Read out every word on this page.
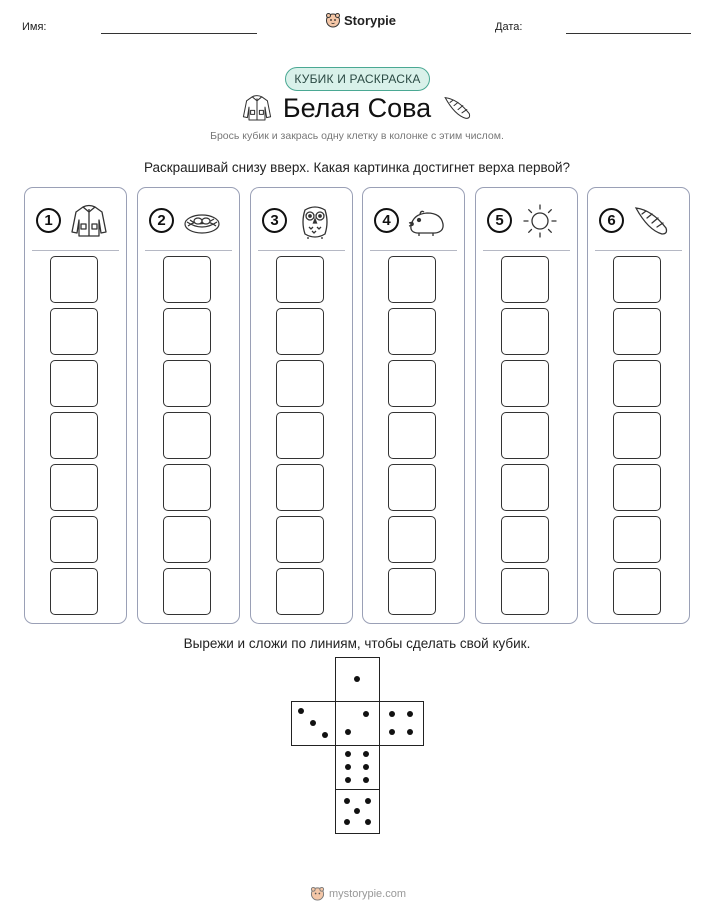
Имя:	Storypie	Дата:
КУБИК И РАСКРАСКА
Белая Сова
Брось кубик и закрась одну клетку в колонке с этим числом.
Раскрашивай снизу вверх. Какая картинка достигнет верха первой?
1	2	3	4	5	6
Вырежи и сложи по линиям, чтобы сделать свой кубик.
mystorypie.com
